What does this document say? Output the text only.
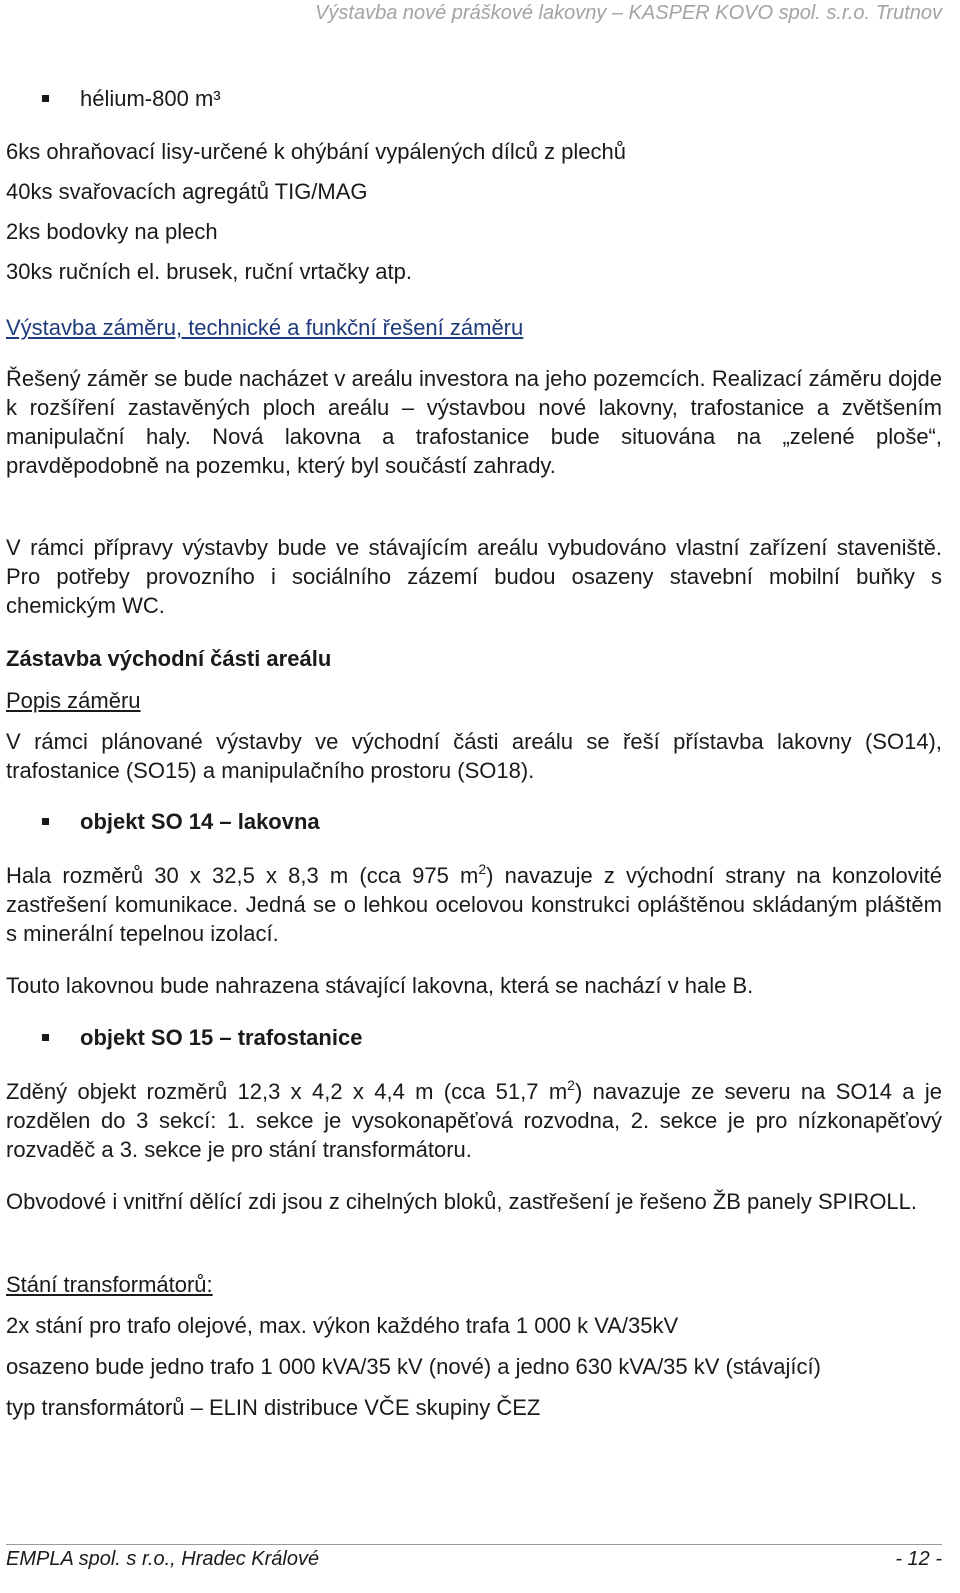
Výstavba nové práškové lakovny – KASPER KOVO spol. s.r.o. Trutnov
hélium-800 m³
6ks ohraňovací lisy-určené k ohýbání vypálených dílců z plechů
40ks svařovacích agregátů TIG/MAG
2ks bodovky na plech
30ks ručních el. brusek, ruční vrtačky atp.
Výstavba záměru, technické a funkční řešení záměru

Řešený záměr se bude nacházet v areálu investora na jeho pozemcích. Realizací záměru dojde k rozšíření zastavěných ploch areálu – výstavbou nové lakovny, trafostanice a zvětšením manipulační haly. Nová lakovna a trafostanice bude situována na „zelené ploše“, pravděpodobně na pozemku, který byl součástí zahrady.

V rámci přípravy výstavby bude ve stávajícím areálu vybudováno vlastní zařízení staveniště. Pro potřeby provozního i sociálního zázemí budou osazeny stavební mobilní buňky s chemickým WC.

Zástavba východní části areálu
Popis záměru

V rámci plánované výstavby ve východní části areálu se řeší přístavba lakovny (SO14), trafostanice (SO15) a manipulačního prostoru (SO18).

objekt SO 14 – lakovna

Hala rozměrů 30 x 32,5 x 8,3 m (cca 975 $m^2$) navazuje z východní strany na konzolovité zastřešení komunikace. Jedná se o lehkou ocelovou konstrukci opláštěnou skládaným pláštěm s minerální tepelnou izolací.

Touto lakovnou bude nahrazena stávající lakovna, která se nachází v hale B.

objekt SO 15 – trafostanice

Zděný objekt rozměrů 12,3 x 4,2 x 4,4 m (cca 51,7 $m^2$) navazuje ze severu na SO14 a je rozdělen do 3 sekcí: 1. sekce je vysokonapěťová rozvodna, 2. sekce je pro nízkonapěťový rozvaděč a 3. sekce je pro stání transformátoru.

Obvodové i vnitřní dělící zdi jsou z cihelných bloků, zastřešení je řešeno ŽB panely SPIROLL.

Stání transformátorů:
2x stání pro trafo olejové, max. výkon každého trafa 1 000 k VA/35kV
osazeno bude jedno trafo 1 000 kVA/35 kV (nové) a jedno 630 kVA/35 kV (stávající)
typ transformátorů – ELIN distribuce VČE skupiny ČEZ
EMPLA spol. s r.o., Hradec Králové	- 12 -
